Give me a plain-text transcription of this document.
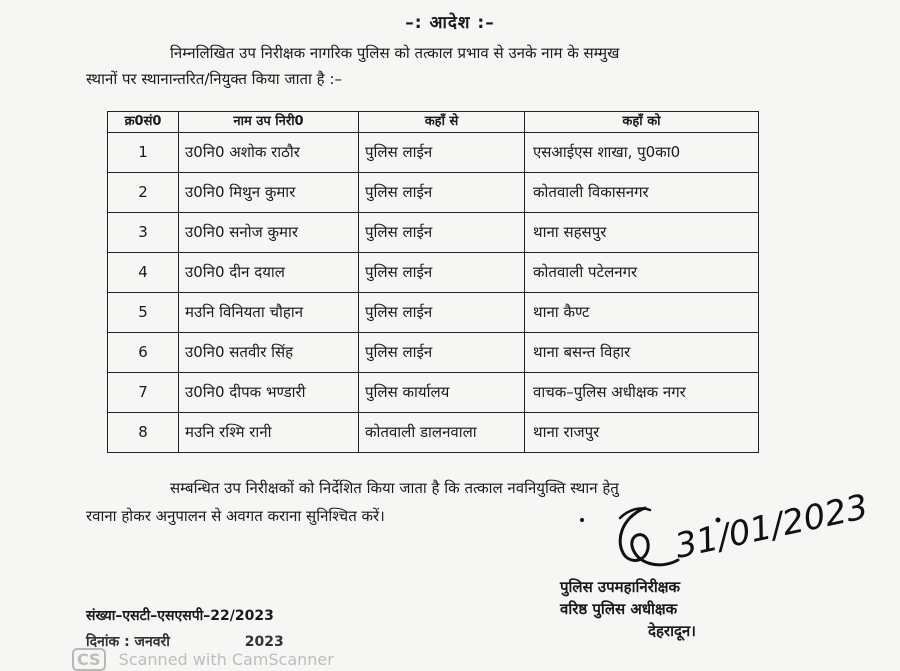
–: आदेश :–
निम्नलिखित उप निरीक्षक नागरिक पुलिस को तत्काल प्रभाव से उनके नाम के सम्मुख
स्थानों पर स्थानान्तरित/नियुक्त किया जाता है :–
क्र0सं0	नाम उप निरी0	कहाँ से	कहाँ को
1	उ0नि0 अशोक राठौर	पुलिस लाईन	एसआईएस शाखा, पु0का0
2	उ0नि0 मिथुन कुमार	पुलिस लाईन	कोतवाली विकासनगर
3	उ0नि0 सनोज कुमार	पुलिस लाईन	थाना सहसपुर
4	उ0नि0 दीन दयाल	पुलिस लाईन	कोतवाली पटेलनगर
5	मउनि विनियता चौहान	पुलिस लाईन	थाना कैण्ट
6	उ0नि0 सतवीर सिंह	पुलिस लाईन	थाना बसन्त विहार
7	उ0नि0 दीपक भण्डारी	पुलिस कार्यालय	वाचक–पुलिस अधीक्षक नगर
8	मउनि रश्मि रानी	कोतवाली डालनवाला	थाना राजपुर
सम्बन्धित उप निरीक्षकों को निर्देशित किया जाता है कि तत्काल नवनियुक्ति स्थान हेतु
रवाना होकर अनुपालन से अवगत कराना सुनिश्चित करें।	31/01/2023
पुलिस उपमहानिरीक्षक
वरिष्ठ पुलिस अधीक्षक
देहरादून।
संख्या–एसटी–एसएसपी–22/2023
दिनांक : जनवरी	2023
CS Scanned with CamScanner
